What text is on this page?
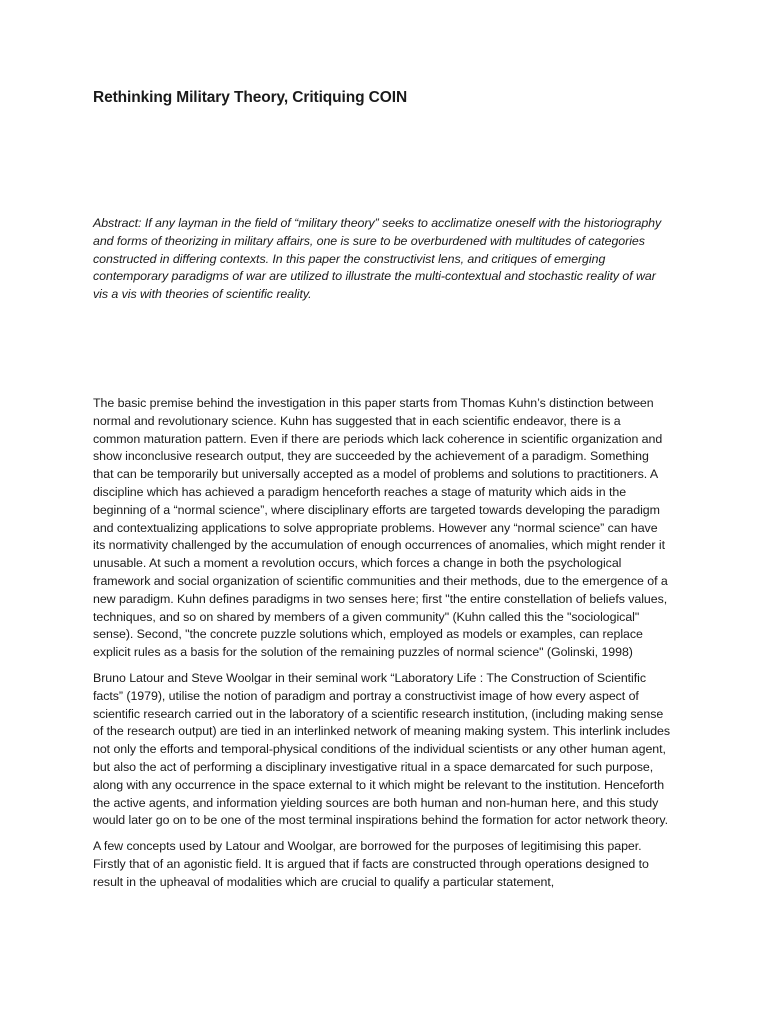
Rethinking Military Theory, Critiquing COIN

Abstract: If any layman in the field of “military theory” seeks to acclimatize oneself with the historiography and forms of theorizing in military affairs, one is sure to be overburdened with multitudes of categories constructed in differing contexts. In this paper the constructivist lens, and critiques of emerging contemporary paradigms of war are utilized to illustrate the multi-contextual and stochastic reality of war vis a vis with theories of scientific reality.

The basic premise behind the investigation in this paper starts from Thomas Kuhn’s distinction between normal and revolutionary science. Kuhn has suggested that in each scientific endeavor, there is a common maturation pattern. Even if there are periods which lack coherence in scientific organization and show inconclusive research output, they are succeeded by the achievement of a paradigm. Something that can be temporarily but universally accepted as a model of problems and solutions to practitioners. A discipline which has achieved a paradigm henceforth reaches a stage of maturity which aids in the beginning of a “normal science”, where disciplinary efforts are targeted towards developing the paradigm and contextualizing applications to solve appropriate problems. However any “normal science” can have its normativity challenged by the accumulation of enough occurrences of anomalies, which might render it unusable. At such a moment a revolution occurs, which forces a change in both the psychological framework and social organization of scientific communities and their methods, due to the emergence of a new paradigm. Kuhn defines paradigms in two senses here; first "the entire constellation of beliefs values, techniques, and so on shared by members of a given community" (Kuhn called this the "sociological" sense). Second, "the concrete puzzle solutions which, employed as models or examples, can replace explicit rules as a basis for the solution of the remaining puzzles of normal science" (Golinski, 1998)

Bruno Latour and Steve Woolgar in their seminal work “Laboratory Life : The Construction of Scientific facts” (1979), utilise the notion of paradigm and portray a constructivist image of how every aspect of scientific research carried out in the laboratory of a scientific research institution, (including making sense of the research output) are tied in an interlinked network of meaning making system. This interlink includes not only the efforts and temporal-physical conditions of the individual scientists or any other human agent, but also the act of performing a disciplinary investigative ritual in a space demarcated for such purpose, along with any occurrence in the space external to it which might be relevant to the institution. Henceforth the active agents, and information yielding sources are both human and non-human here, and this study would later go on to be one of the most terminal inspirations behind the formation for actor network theory.

A few concepts used by Latour and Woolgar, are borrowed for the purposes of legitimising this paper. Firstly that of an agonistic field. It is argued that if facts are constructed through operations designed to result in the upheaval of modalities which are crucial to qualify a particular statement,
